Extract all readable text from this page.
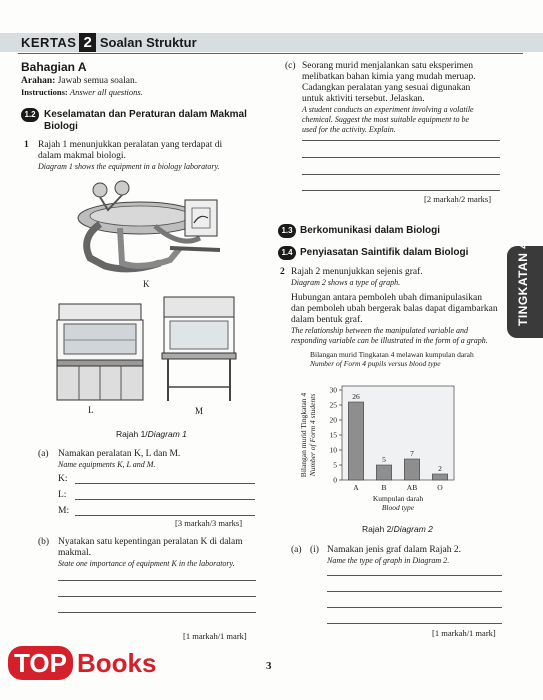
KERTAS 2 Soalan Struktur
TINGKATAN 4
Bahagian A
Arahan: Jawab semua soalan.
Instructions: Answer all questions.
1.2 Keselamatan dan Peraturan dalam Makmal
Biologi
1 Rajah 1 menunjukkan peralatan yang terdapat di
dalam makmal biologi.
Diagram 1 shows the equipment in a biology laboratory.
K
L	M
Rajah 1/Diagram 1
(a) Namakan peralatan K, L dan M.
Name equipments K, L and M.
K:
L:
M:
[3 markah/3 marks]
(b) Nyatakan satu kepentingan peralatan K di dalam
makmal.
State one importance of equipment K in the laboratory.
[1 markah/1 mark]
(c) Seorang murid menjalankan satu eksperimen
melibatkan bahan kimia yang mudah meruap.
Cadangkan peralatan yang sesuai digunakan
untuk aktiviti tersebut. Jelaskan.
A student conducts an experiment involving a volatile
chemical. Suggest the most suitable equipment to be
used for the activity. Explain.
[2 markah/2 marks]
1.3 Berkomunikasi dalam Biologi
1.4 Penyiasatan Saintifik dalam Biologi
2 Rajah 2 menunjukkan sejenis graf.
Diagram 2 shows a type of graph.
Hubungan antara pemboleh ubah dimanipulasikan
dan pemboleh ubah bergerak balas dapat digambarkan
dalam bentuk graf.
The relationship between the manipulated variable and
responding variable can be illustrated in the form of a graph.
Bilangan murid Tingkatan 4 melawan kumpulan darah
Number of Form 4 pupils versus blood type
0
5
10
15
20
25
30
26
A
5
B
7
AB
2
O
Kumpulan darah
Blood type
Bilangan murid Tingkatan 4 Number of Form 4 students
Rajah 2/Diagram 2
(a) (i) Namakan jenis graf dalam Rajah 2.
Name the type of graph in Diagram 2.
[1 markah/1 mark]
3
TOP Books
